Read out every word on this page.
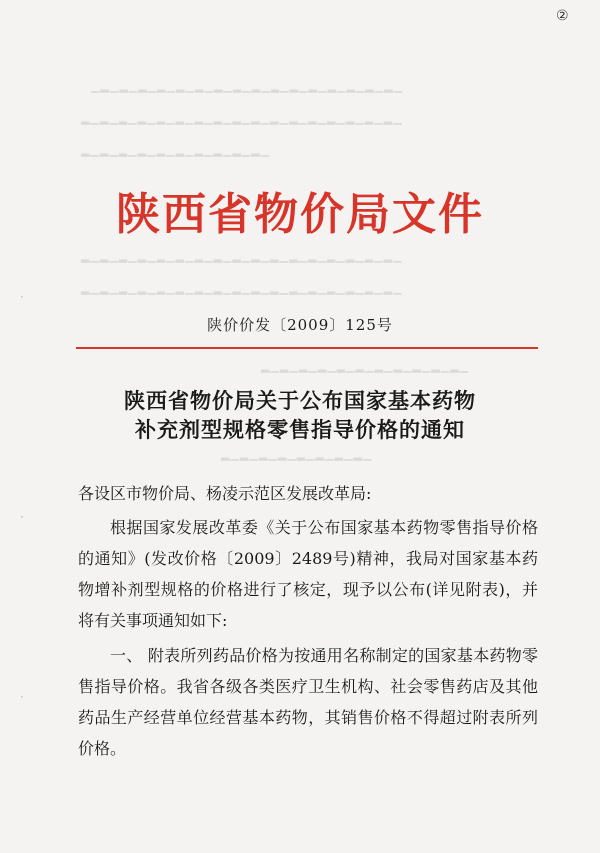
▁▂▁▂▁▂▁▂▁▂▁▂▁▂▁▂▁▂▁▂▁▂▁▂▁▂▁▂▁▂▁▂▁
▁▂▁▂▁▂▁▂▁▂▁▂▁▂▁▂▁▂▁▂▁▂▁▂▁▂▁▂▁▂▁▂▁▂
▁▂▁▂▁▂▁▂▁▂▁▂▁▂▁▂▁▂▁▂
▁▂▁▂▁▂▁▂▁▂▁▂▁▂▁▂▁▂▁▂▁▂▁▂▁▂▁▂▁▂▁▂▁▂
▁▂▁▂▁▂▁▂▁▂▁▂▁▂▁▂▁▂▁▂▁▂▁▂▁▂▁▂▁▂▁▂▁▂
▁▂▁▂▁▂▁▂▁▂▁▂▁▂▁▂▁▂▁▂▁▂
▁▂▁▂▁▂▁▂▁▂▁▂▁▂▁▂
·
·
·
②
陕西省物价局文件
陕价价发〔2009〕125号
陕西省物价局关于公布国家基本药物
补充剂型规格零售指导价格的通知

各设区市物价局、杨凌示范区发展改革局:

根据国家发展改革委《关于公布国家基本药物零售指导价格的通知》(发改价格〔2009〕2489号)精神，我局对国家基本药物增补剂型规格的价格进行了核定，现予以公布(详见附表)，并将有关事项通知如下:

一、 附表所列药品价格为按通用名称制定的国家基本药物零售指导价格。我省各级各类医疗卫生机构、社会零售药店及其他药品生产经营单位经营基本药物，其销售价格不得超过附表所列价格。
